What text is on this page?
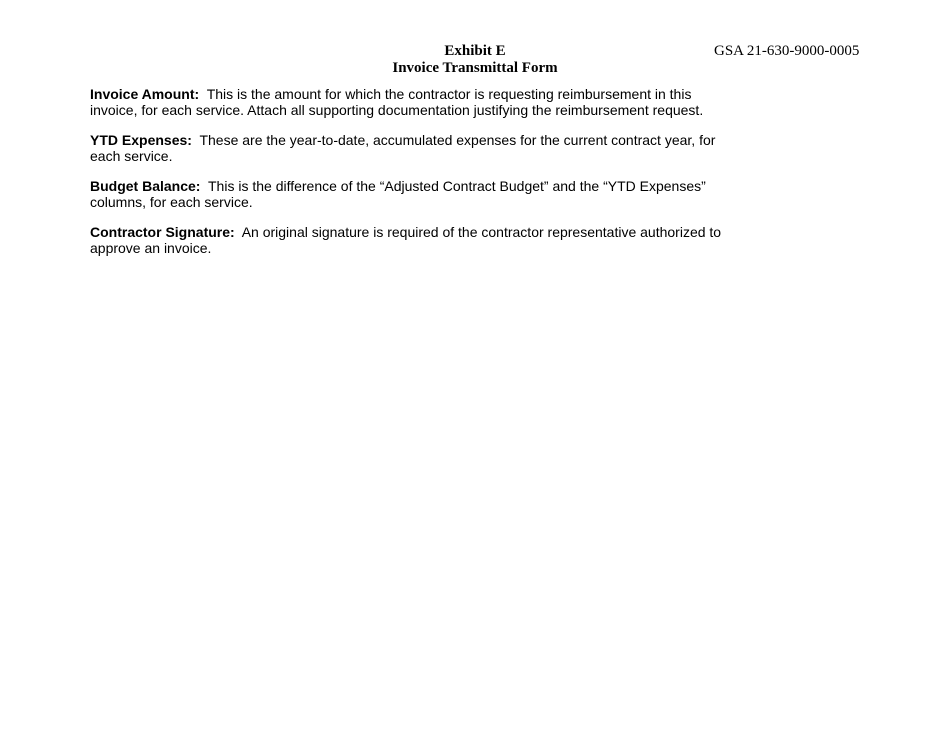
Exhibit E
Invoice Transmittal Form
GSA 21-630-9000-0005
Invoice Amount: This is the amount for which the contractor is requesting reimbursement in this
invoice, for each service. Attach all supporting documentation justifying the reimbursement request.
YTD Expenses: These are the year-to-date, accumulated expenses for the current contract year, for
each service.
Budget Balance: This is the difference of the “Adjusted Contract Budget” and the “YTD Expenses”
columns, for each service.
Contractor Signature: An original signature is required of the contractor representative authorized to
approve an invoice.
